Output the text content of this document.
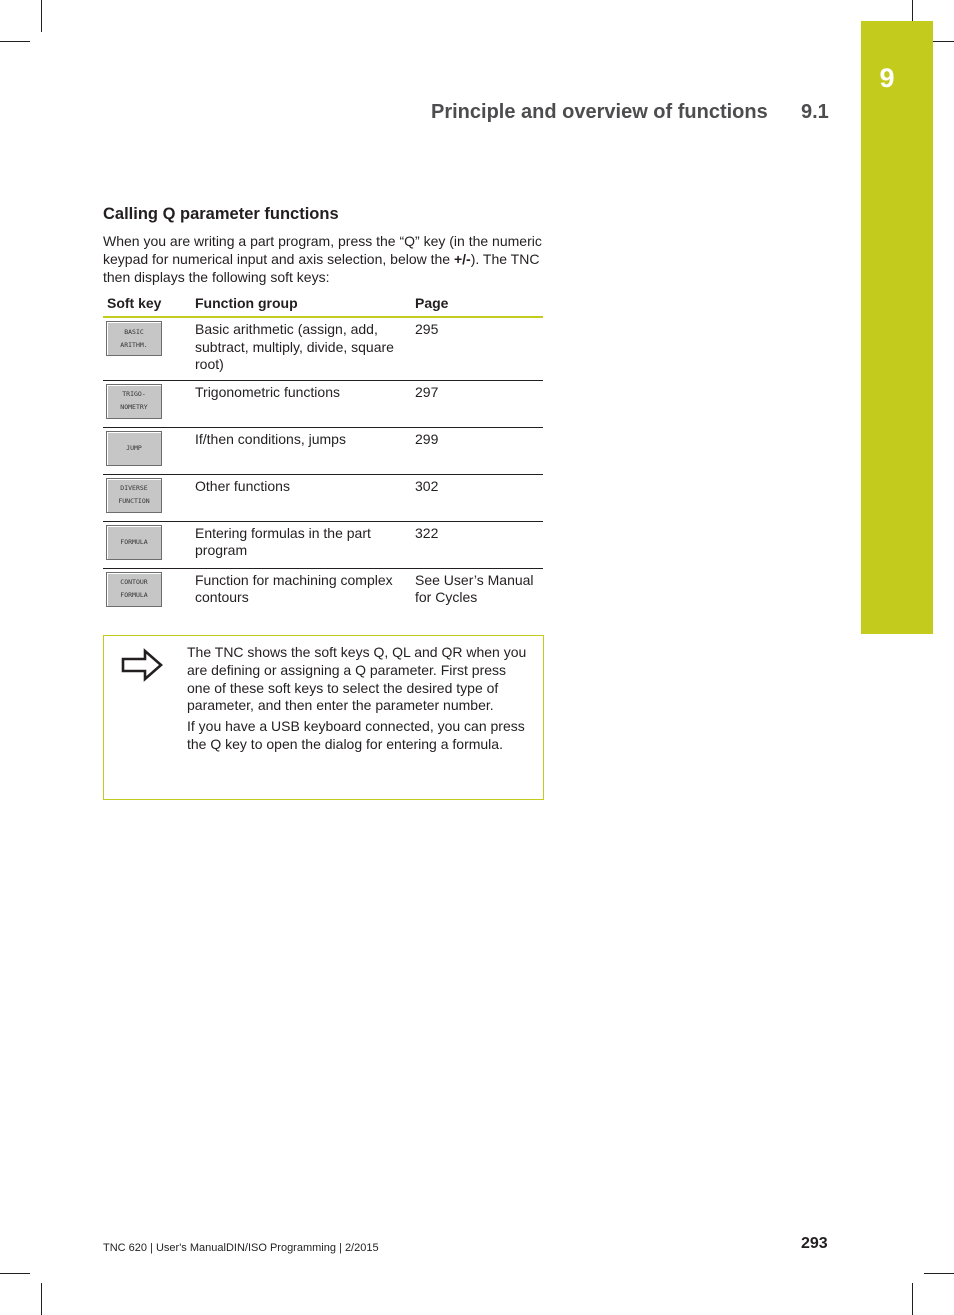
9
Principle and overview of functions 9.1
Calling Q parameter functions
When you are writing a part program, press the “Q” key (in the numeric keypad for numerical input and axis selection, below the +/-). The TNC then displays the following soft keys:
Soft key	Function group	Page

BASIC
ARITHM.	Basic arithmetic (assign, add, subtract, multiply, divide, square root)	295

TRIGO-
NOMETRY	Trigonometric functions	297

JUMP	If/then conditions, jumps	299

DIVERSE
FUNCTION	Other functions	302

FORMULA	Entering formulas in the part program	322

CONTOUR
FORMULA	Function for machining complex contours	See User’s Manual for Cycles

The TNC shows the soft keys Q, QL and QR when you are defining or assigning a Q parameter. First press one of these soft keys to select the desired type of parameter, and then enter the parameter number.

If you have a USB keyboard connected, you can press the Q key to open the dialog for entering a formula.

TNC 620 | User's ManualDIN/ISO Programming | 2/2015	293
